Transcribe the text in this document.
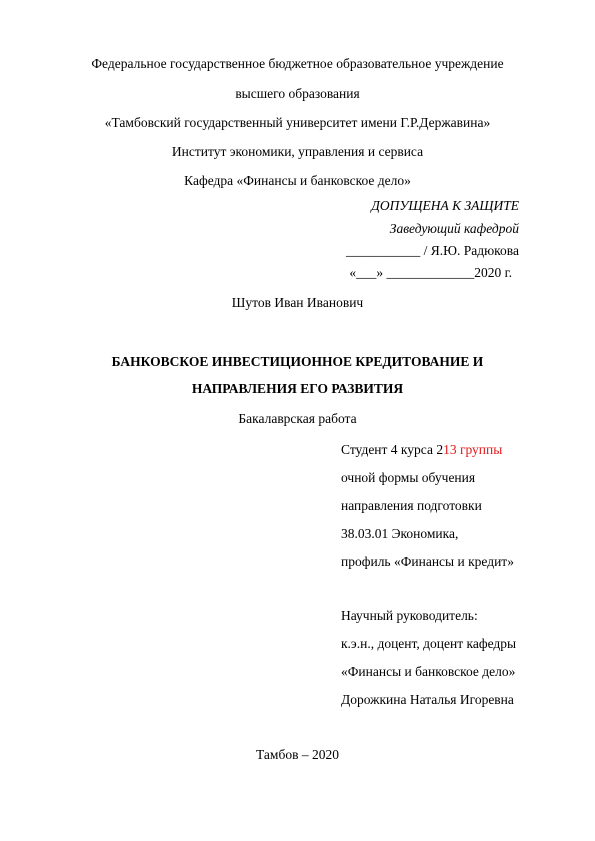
Федеральное государственное бюджетное образовательное учреждение
высшего образования
«Тамбовский государственный университет имени Г.Р.Державина»
Институт экономики, управления и сервиса
Кафедра «Финансы и банковское дело»
ДОПУЩЕНА К ЗАЩИТЕ
Заведующий кафедрой
___________ / Я.Ю. Радюкова
«___» _____________2020 г.
Шутов Иван Иванович
БАНКОВСКОЕ ИНВЕСТИЦИОННОЕ КРЕДИТОВАНИЕ И
НАПРАВЛЕНИЯ ЕГО РАЗВИТИЯ
Бакалаврская работа
Студент 4 курса 213 группы
очной формы обучения
направления подготовки
38.03.01 Экономика,
профиль «Финансы и кредит»
Научный руководитель:
к.э.н., доцент, доцент кафедры
«Финансы и банковское дело»
Дорожкина Наталья Игоревна
Тамбов – 2020
